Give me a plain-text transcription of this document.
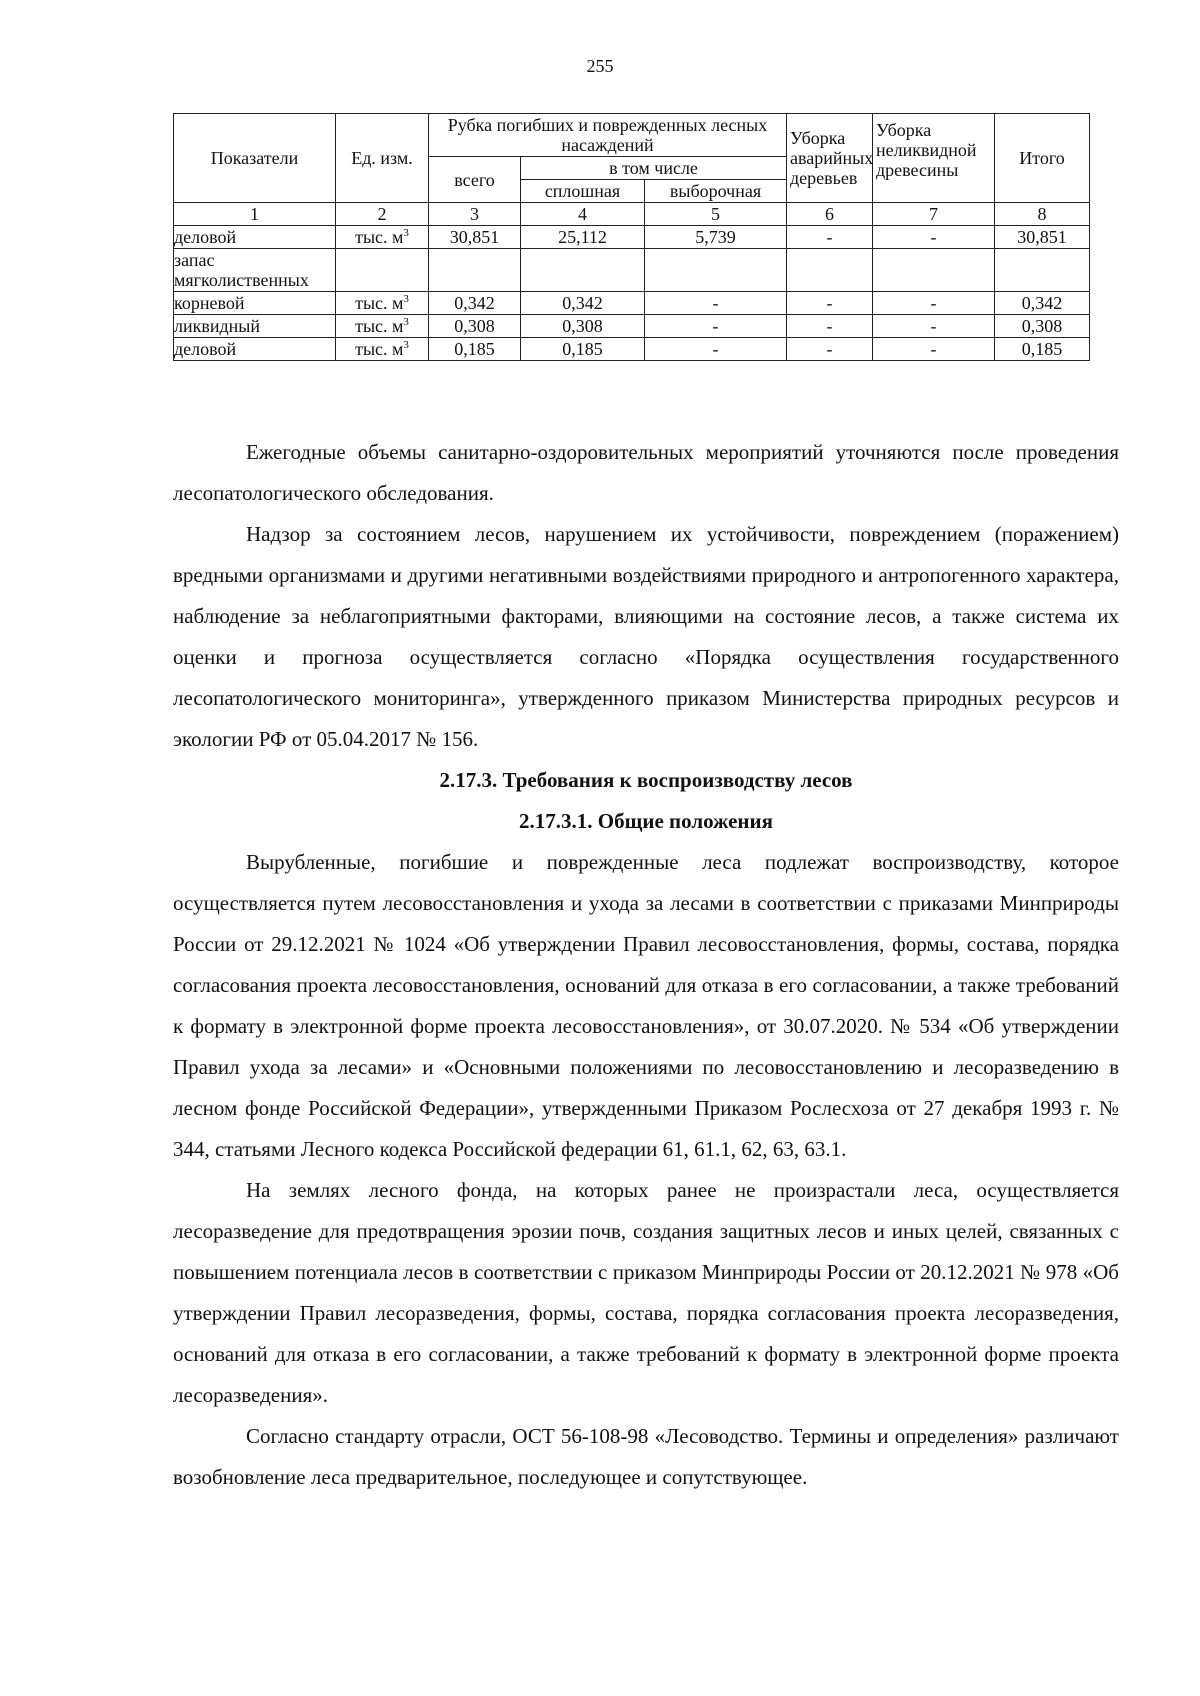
255
Показатели	Ед. изм.	Рубка погибших и поврежденных лесных насаждений			Уборка аварийных деревьев	Уборка неликвидной древесины	Итого
		всего	в том числе				
			сплошная	выборочная			
1	2	3	4	5	6	7	8
деловой	тыс. $м^3$	30,851	25,112	5,739	-	-	30,851
запас мягколиственных							
корневой	тыс. $м^3$	0,342	0,342	-	-	-	0,342
ликвидный	тыс. $м^3$	0,308	0,308	-	-	-	0,308
деловой	тыс. $м^3$	0,185	0,185	-	-	-	0,185

Ежегодные объемы санитарно-оздоровительных мероприятий уточняются после проведения лесопатологического обследования.

Надзор за состоянием лесов, нарушением их устойчивости, повреждением (поражением) вредными организмами и другими негативными воздействиями природного и антропогенного характера, наблюдение за неблагоприятными факторами, влияющими на состояние лесов, а также система их оценки и прогноза осуществляется согласно «Порядка осуществления государственного лесопатологического мониторинга», утвержденного приказом Министерства природных ресурсов и экологии РФ от 05.04.2017 № 156.

2.17.3. Требования к воспроизводству лесов
2.17.3.1. Общие положения

Вырубленные, погибшие и поврежденные леса подлежат воспроизводству, которое осуществляется путем лесовосстановления и ухода за лесами в соответствии с приказами Минприроды России от 29.12.2021 № 1024 «Об утверждении Правил лесовосстановления, формы, состава, порядка согласования проекта лесовосстановления, оснований для отказа в его согласовании, а также требований к формату в электронной форме проекта лесовосстановления», от 30.07.2020. № 534 «Об утверждении Правил ухода за лесами» и «Основными положениями по лесовосстановлению и лесоразведению в лесном фонде Российской Федерации», утвержденными Приказом Рослесхоза от 27 декабря 1993 г. № 344, статьями Лесного кодекса Российской федерации 61, 61.1, 62, 63, 63.1.

На землях лесного фонда, на которых ранее не произрастали леса, осуществляется лесоразведение для предотвращения эрозии почв, создания защитных лесов и иных целей, связанных с повышением потенциала лесов в соответствии с приказом Минприроды России от 20.12.2021 № 978 «Об утверждении Правил лесоразведения, формы, состава, порядка согласования проекта лесоразведения, оснований для отказа в его согласовании, а также требований к формату в электронной форме проекта лесоразведения».

Согласно стандарту отрасли, ОСТ 56-108-98 «Лесоводство. Термины и определения» различают возобновление леса предварительное, последующее и сопутствующее.
